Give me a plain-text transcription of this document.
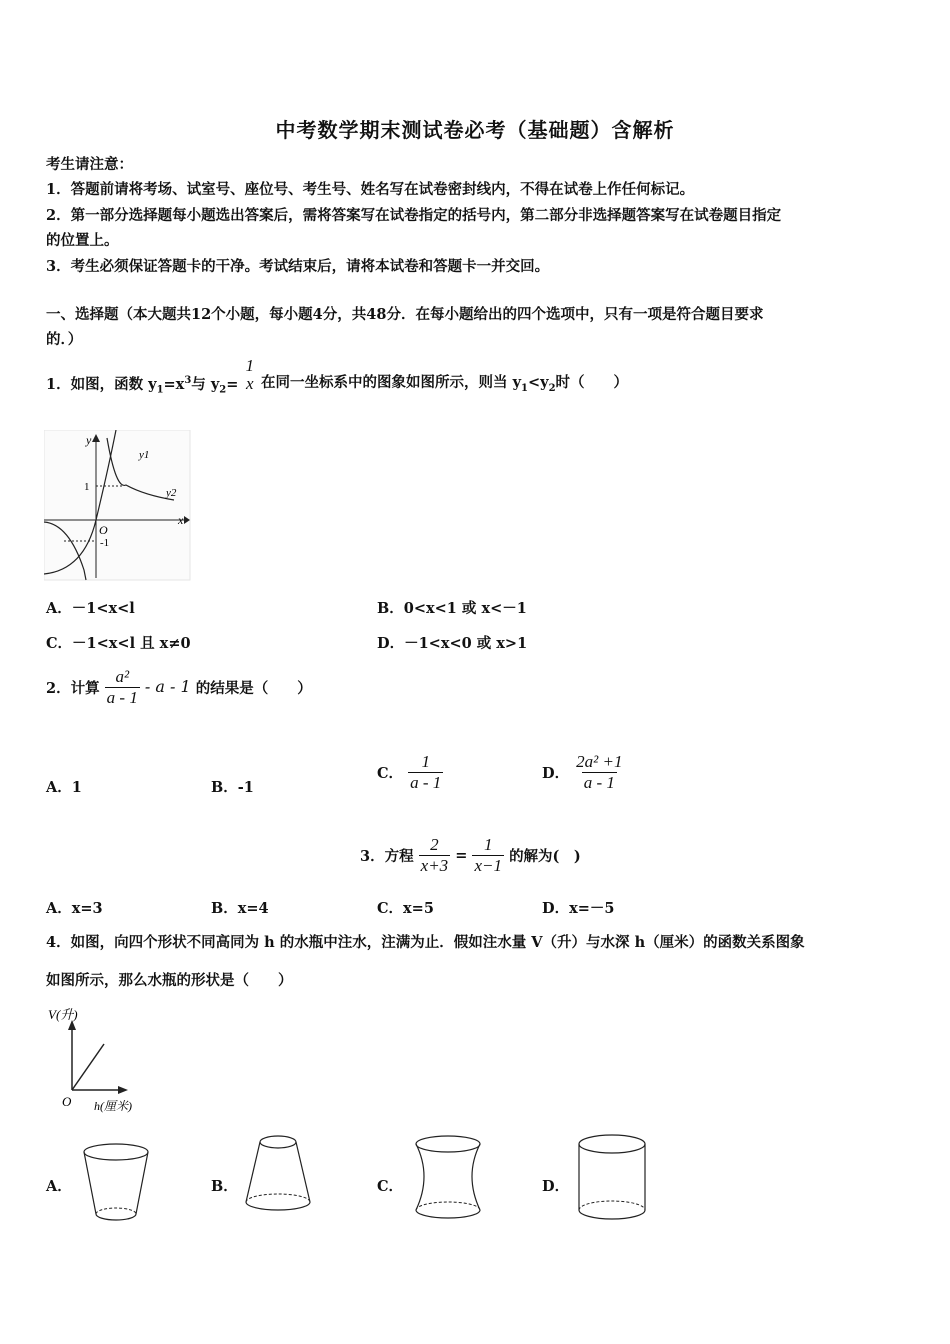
中考数学期末测试卷必考（基础题）含解析
考生请注意：
1．答题前请将考场、试室号、座位号、考生号、姓名写在试卷密封线内，不得在试卷上作任何标记。
2．第一部分选择题每小题选出答案后，需将答案写在试卷指定的括号内，第二部分非选择题答案写在试卷题目指定
的位置上。
3．考生必须保证答题卡的干净。考试结束后，请将本试卷和答题卡一并交回。
一、选择题（本大题共12个小题，每小题4分，共48分．在每小题给出的四个选项中，只有一项是符合题目要求
的．）
1．如图，函数 $y_1=x^3$与 $y_2=$
1
x 在同一坐标系中的图象如图所示，则当 $y_1<y_2$时（　　）
y
x
O
1
-1
y1
y2
A．－1<x<l	B．0<x<1 或 x<－1
C．－1<x<l 且 x≠0	D．－1<x<0 或 x>1
2．计算 $\frac{\text{a²}}{a - 1}$ - a - 1 的结果是（　　）
A．1	B．-1
C． $\frac{1}{a - 1}$	D． $\frac{\text{2a² +1}}{a - 1}$
3．方程 $\frac{2}{x+3} = \frac{1}{x-1}$ 的解为(　)
A．x=3	B．x=4	C．x=5	D．x=－5
4．如图，向四个形状不同高同为 h 的水瓶中注水，注满为止．假如注水量 V（升）与水深 h（厘米）的函数关系图象
如图所示，那么水瓶的形状是（　　）
V(升)
O h(厘米)
A．	B．	C．	D．
